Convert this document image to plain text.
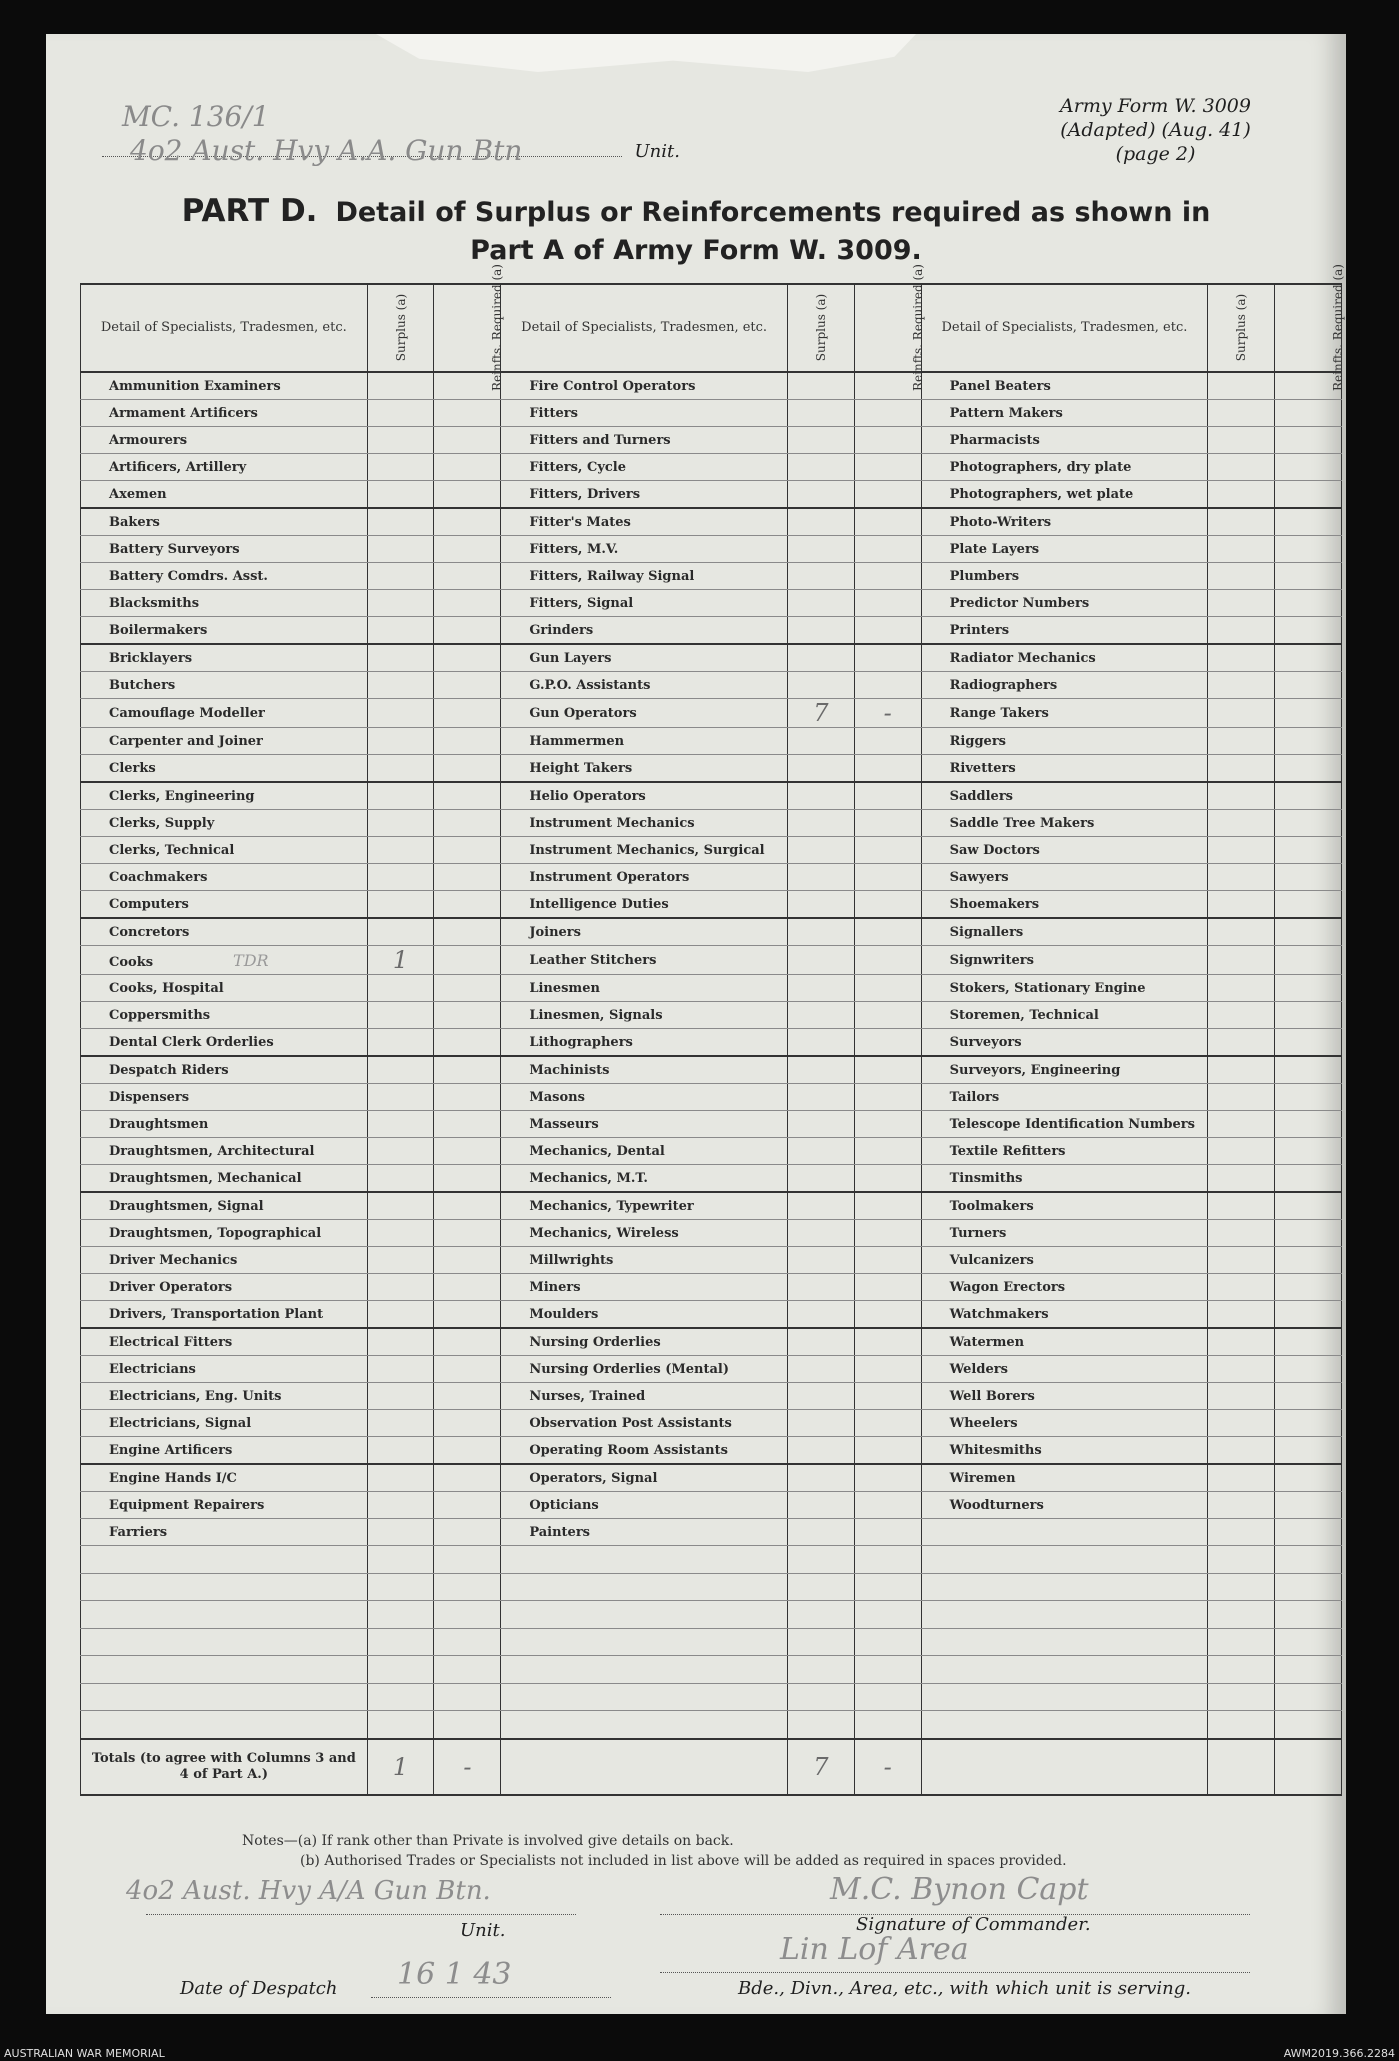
Army Form W. 3009
(Adapted) (Aug. 41)
(page 2)
MC. 136/1
4o2 Aust. Hvy A.A. Gun Btn	Unit.
PART D. Detail of Surplus or Reinforcements required as shown in
Part A of Army Form W. 3009.
Detail of Specialists, Tradesmen, etc.	Surplus (a)	Reinfts. Required (a)	Detail of Specialists, Tradesmen, etc.	Surplus (a)	Reinfts. Required (a)	Detail of Specialists, Tradesmen, etc.	Surplus (a)	Reinfts. Required (a)
Ammunition Examiners			Fire Control Operators			Panel Beaters		
Armament Artificers			Fitters			Pattern Makers		
Armourers			Fitters and Turners			Pharmacists		
Artificers, Artillery			Fitters, Cycle			Photographers, dry plate		
Axemen			Fitters, Drivers			Photographers, wet plate		
Bakers			Fitter's Mates			Photo-Writers		
Battery Surveyors			Fitters, M.V.			Plate Layers		
Battery Comdrs. Asst.			Fitters, Railway Signal			Plumbers		
Blacksmiths			Fitters, Signal			Predictor Numbers		
Boilermakers			Grinders			Printers		
Bricklayers			Gun Layers			Radiator Mechanics		
Butchers			G.P.O. Assistants			Radiographers		
Camouflage Modeller			Gun Operators	7	-	Range Takers		
Carpenter and Joiner			Hammermen			Riggers		
Clerks			Height Takers			Rivetters		
Clerks, Engineering			Helio Operators			Saddlers		
Clerks, Supply			Instrument Mechanics			Saddle Tree Makers		
Clerks, Technical			Instrument Mechanics, Surgical			Saw Doctors		
Coachmakers			Instrument Operators			Sawyers		
Computers			Intelligence Duties			Shoemakers		
Concretors			Joiners			Signallers		
Cooks TDR	1		Leather Stitchers			Signwriters		
Cooks, Hospital			Linesmen			Stokers, Stationary Engine		
Coppersmiths			Linesmen, Signals			Storemen, Technical		
Dental Clerk Orderlies			Lithographers			Surveyors		
Despatch Riders			Machinists			Surveyors, Engineering		
Dispensers			Masons			Tailors		
Draughtsmen			Masseurs			Telescope Identification Numbers		
Draughtsmen, Architectural			Mechanics, Dental			Textile Refitters		
Draughtsmen, Mechanical			Mechanics, M.T.			Tinsmiths		
Draughtsmen, Signal			Mechanics, Typewriter			Toolmakers		
Draughtsmen, Topographical			Mechanics, Wireless			Turners		
Driver Mechanics			Millwrights			Vulcanizers		
Driver Operators			Miners			Wagon Erectors		
Drivers, Transportation Plant			Moulders			Watchmakers		
Electrical Fitters			Nursing Orderlies			Watermen		
Electricians			Nursing Orderlies (Mental)			Welders		
Electricians, Eng. Units			Nurses, Trained			Well Borers		
Electricians, Signal			Observation Post Assistants			Wheelers		
Engine Artificers			Operating Room Assistants			Whitesmiths		
Engine Hands I/C			Operators, Signal			Wiremen		
Equipment Repairers			Opticians			Woodturners		
Farriers			Painters					

Totals (to agree with Columns 3 and 4 of Part A.)	1	-		7	-			
Notes—(a) If rank other than Private is involved give details on back.
(b) Authorised Trades or Specialists not included in list above will be added as required in spaces provided.
4o2 Aust. Hvy A/A Gun Btn.
Unit.
M.C. Bynon Capt
Signature of Commander.
Date of Despatch 16 1 43
Lin Lof Area
Bde., Divn., Area, etc., with which unit is serving.
AUSTRALIAN WAR MEMORIAL	AWM2019.366.2284
